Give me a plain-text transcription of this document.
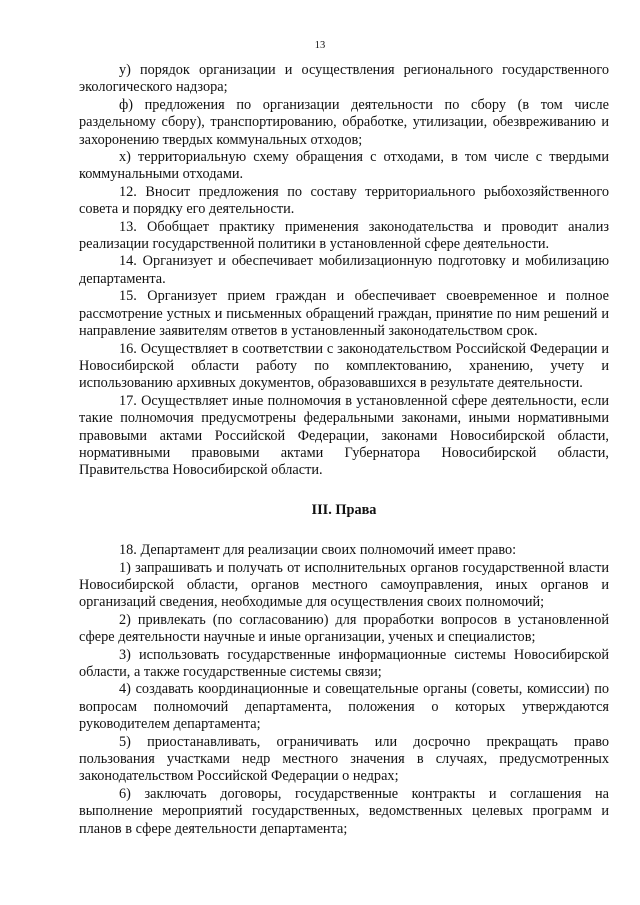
13

у) порядок организации и осуществления регионального государственного экологического надзора;

ф) предложения по организации деятельности по сбору (в том числе раздельному сбору), транспортированию, обработке, утилизации, обезвреживанию и захоронению твердых коммунальных отходов;

х) территориальную схему обращения с отходами, в том числе с твердыми коммунальными отходами.

12. Вносит предложения по составу территориального рыбохозяйственного совета и порядку его деятельности.

13. Обобщает практику применения законодательства и проводит анализ реализации государственной политики в установленной сфере деятельности.

14. Организует и обеспечивает мобилизационную подготовку и мобилизацию департамента.

15. Организует прием граждан и обеспечивает своевременное и полное рассмотрение устных и письменных обращений граждан, принятие по ним решений и направление заявителям ответов в установленный законодательством срок.

16. Осуществляет в соответствии с законодательством Российской Федерации и Новосибирской области работу по комплектованию, хранению, учету и использованию архивных документов, образовавшихся в результате деятельности.

17. Осуществляет иные полномочия в установленной сфере деятельности, если такие полномочия предусмотрены федеральными законами, иными нормативными правовыми актами Российской Федерации, законами Новосибирской области, нормативными правовыми актами Губернатора Новосибирской области, Правительства Новосибирской области.

III. Права

18. Департамент для реализации своих полномочий имеет право:

1) запрашивать и получать от исполнительных органов государственной власти Новосибирской области, органов местного самоуправления, иных органов и организаций сведения, необходимые для осуществления своих полномочий;

2) привлекать (по согласованию) для проработки вопросов в установленной сфере деятельности научные и иные организации, ученых и специалистов;

3) использовать государственные информационные системы Новосибирской области, а также государственные системы связи;

4) создавать координационные и совещательные органы (советы, комиссии) по вопросам полномочий департамента, положения о которых утверждаются руководителем департамента;

5) приостанавливать, ограничивать или досрочно прекращать право пользования участками недр местного значения в случаях, предусмотренных законодательством Российской Федерации о недрах;

6) заключать договоры, государственные контракты и соглашения на выполнение мероприятий государственных, ведомственных целевых программ и планов в сфере деятельности департамента;
